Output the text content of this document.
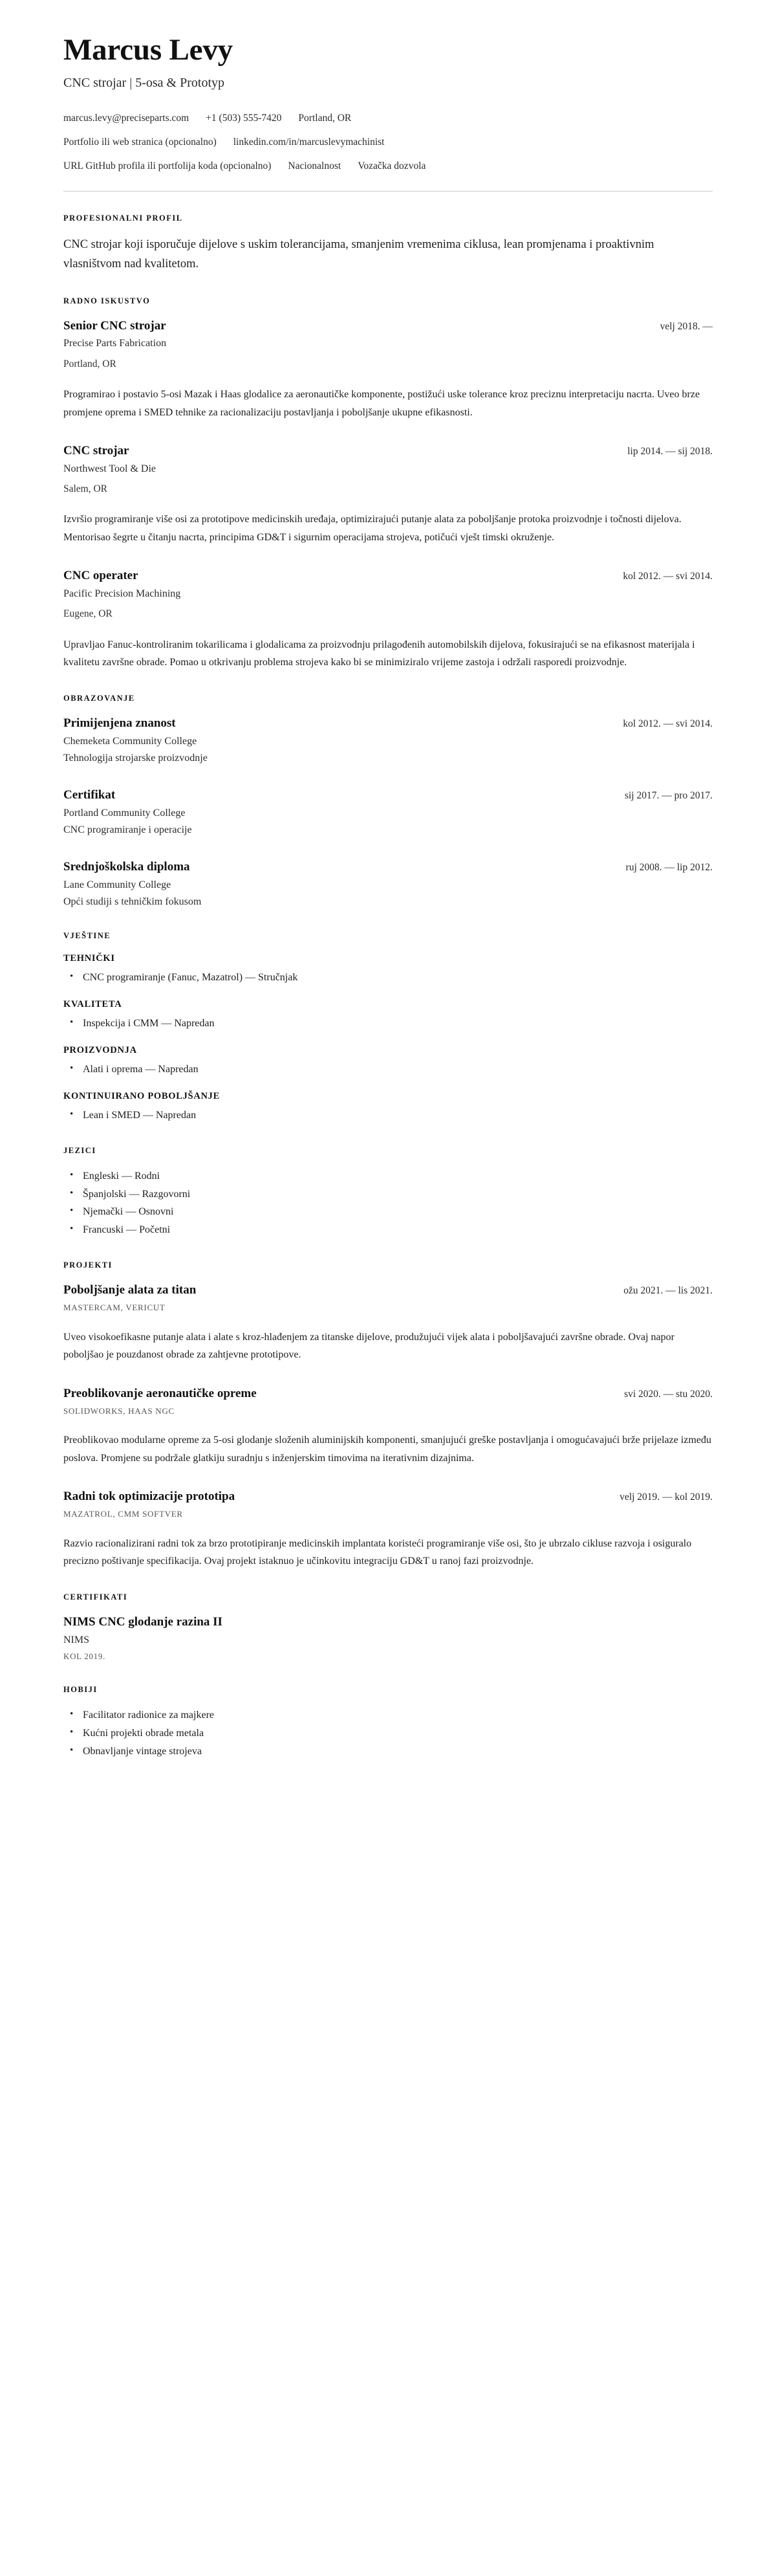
Marcus Levy
CNC strojar | 5-osa & Prototyp
marcus.levy@preciseparts.com +1 (503) 555-7420 Portland, OR
Portfolio ili web stranica (opcionalno) linkedin.com/in/marcuslevymachinist
URL GitHub profila ili portfolija koda (opcionalno) Nacionalnost Vozačka dozvola
PROFESIONALNI PROFIL

CNC strojar koji isporučuje dijelove s uskim tolerancijama, smanjenim vremenima ciklusa, lean promjenama i proaktivnim vlasništvom nad kvalitetom.

RADNO ISKUSTVO
Senior CNC strojar	velj 2018. —
Precise Parts Fabrication
Portland, OR
Programirao i postavio 5-osi Mazak i Haas glodalice za aeronautičke komponente, postižući uske tolerance kroz preciznu interpretaciju nacrta. Uveo brze promjene oprema i SMED tehnike za racionalizaciju postavljanja i poboljšanje ukupne efikasnosti.
CNC strojar	lip 2014. — sij 2018.
Northwest Tool & Die
Salem, OR
Izvršio programiranje više osi za prototipove medicinskih uređaja, optimizirajući putanje alata za poboljšanje protoka proizvodnje i točnosti dijelova. Mentorisao šegrte u čitanju nacrta, principima GD&T i sigurnim operacijama strojeva, potičući vješt timski okruženje.
CNC operater	kol 2012. — svi 2014.
Pacific Precision Machining
Eugene, OR
Upravljao Fanuc-kontroliranim tokarilicama i glodalicama za proizvodnju prilagođenih automobilskih dijelova, fokusirajući se na efikasnost materijala i kvalitetu završne obrade. Pomao u otkrivanju problema strojeva kako bi se minimiziralo vrijeme zastoja i održali rasporedi proizvodnje.
OBRAZOVANJE
Primijenjena znanost	kol 2012. — svi 2014.
Chemeketa Community College
Tehnologija strojarske proizvodnje
Certifikat	sij 2017. — pro 2017.
Portland Community College
CNC programiranje i operacije
Srednjoškolska diploma	ruj 2008. — lip 2012.
Lane Community College
Opći studiji s tehničkim fokusom
VJEŠTINE
TEHNIČKI
• CNC programiranje (Fanuc, Mazatrol) — Stručnjak
KVALITETA
• Inspekcija i CMM — Napredan
PROIZVODNJA
• Alati i oprema — Napredan
KONTINUIRANO POBOLJŠANJE
• Lean i SMED — Napredan
JEZICI
• Engleski — Rodni
• Španjolski — Razgovorni
• Njemački — Osnovni
• Francuski — Početni
PROJEKTI
Poboljšanje alata za titan	ožu 2021. — lis 2021.
MASTERCAM, VERICUT
Uveo visokoefikasne putanje alata i alate s kroz-hlađenjem za titanske dijelove, produžujući vijek alata i poboljšavajući završne obrade. Ovaj napor poboljšao je pouzdanost obrade za zahtjevne prototipove.
Preoblikovanje aeronautičke opreme	svi 2020. — stu 2020.
SOLIDWORKS, HAAS NGC
Preoblikovao modularne opreme za 5-osi glodanje složenih aluminijskih komponenti, smanjujući greške postavljanja i omogućavajući brže prijelaze između poslova. Promjene su podržale glatkiju suradnju s inženjerskim timovima na iterativnim dizajnima.
Radni tok optimizacije prototipa	velj 2019. — kol 2019.
MAZATROL, CMM SOFTVER
Razvio racionalizirani radni tok za brzo prototipiranje medicinskih implantata koristeći programiranje više osi, što je ubrzalo cikluse razvoja i osiguralo precizno poštivanje specifikacija. Ovaj projekt istaknuo je učinkovitu integraciju GD&T u ranoj fazi proizvodnje.
CERTIFIKATI
NIMS CNC glodanje razina II
NIMS
KOL 2019.
HOBIJI
• Facilitator radionice za majkere
• Kućni projekti obrade metala
• Obnavljanje vintage strojeva
